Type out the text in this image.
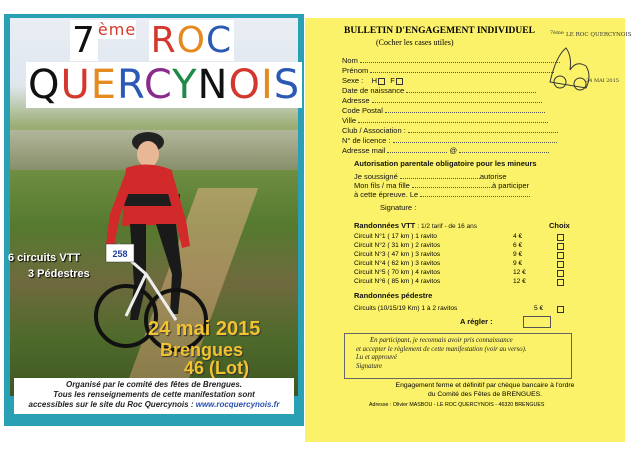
258
7 $^{ème}$ ROC
QUERCYNOIS
6 circuits VTT
3 Pédestres
24 mai 2015
Brengues
46 (Lot)
Organisé par le comité des fêtes de Brengues.
Tous les renseignements de cette manifestation sont
accessibles sur le site du Roc Quercynois : www.rocquercynois.fr
BULLETIN D'ENGAGEMENT INDIVIDUEL
(Cocher les cases utiles)
7ème LE ROC QUERCYNOIS
24 MAI 2015
Nom
Prénom
Sexe : H F
Date de naissance
Adresse
Code Postal
Ville
Club / Association :
N° de licence :
Adresse mail	@
Autorisation parentale obligatoire pour les mineurs
Je soussigné	autorise
Mon fils / ma fille	à participer
à cette épreuve. Le
Signature :
Randonnées VTT : 1/2 tarif - de 16 ans	Choix
Circuit N°1 ( 17 km ) 1 ravito	4 €
Circuit N°2 ( 31 km ) 2 ravitos	6 €
Circuit N°3 ( 47 km ) 3 ravitos	9 €
Circuit N°4 ( 62 km ) 3 ravitos	9 €
Circuit N°5 ( 70 km ) 4 ravitos	12 €
Circuit N°6 ( 85 km ) 4 ravitos	12 €
Randonnées pédestre
Circuits (10/15/19 Km) 1 à 2 ravitos	5 €
A régler :
En participant, je reconnais avoir pris connaissance
et accepter le règlement de cette manifestation (voir au verso).
Lu et approuvé
Signature
Engagement ferme et définitif par chèque bancaire à l'ordre
du Comité des Fêtes de BRENGUES.
Adresse : Olivier MASBOU - LE ROC QUERCYNOIS - 46320 BRENGUES
